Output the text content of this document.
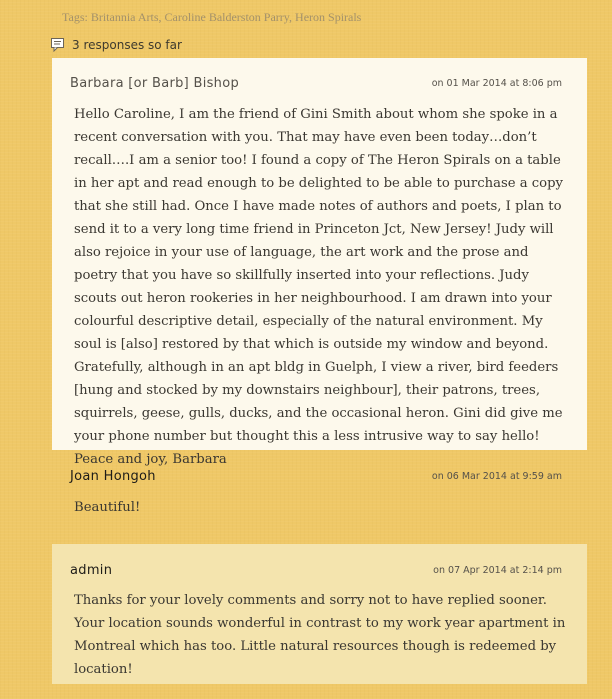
Tags: Britannia Arts, Caroline Balderston Parry, Heron Spirals
3 responses so far
Barbara [or Barb] Bishop	on 01 Mar 2014 at 8:06 pm
Hello Caroline, I am the friend of Gini Smith about whom she spoke in a recent conversation with you. That may have even been today…don’t recall….I am a senior too! I found a copy of The Heron Spirals on a table in her apt and read enough to be delighted to be able to purchase a copy that she still had. Once I have made notes of authors and poets, I plan to send it to a very long time friend in Princeton Jct, New Jersey! Judy will also rejoice in your use of language, the art work and the prose and poetry that you have so skillfully inserted into your reflections. Judy scouts out heron rookeries in her neighbourhood. I am drawn into your colourful descriptive detail, especially of the natural environment. My soul is [also] restored by that which is outside my window and beyond. Gratefully, although in an apt bldg in Guelph, I view a river, bird feeders [hung and stocked by my downstairs neighbour], their patrons, trees, squirrels, geese, gulls, ducks, and the occasional heron. Gini did give me your phone number but thought this a less intrusive way to say hello! Peace and joy, Barbara
Joan Hongoh	on 06 Mar 2014 at 9:59 am
Beautiful!
admin	on 07 Apr 2014 at 2:14 pm
Thanks for your lovely comments and sorry not to have replied sooner. Your location sounds wonderful in contrast to my work year apartment in Montreal which has too. Little natural resources though is redeemed by location!
